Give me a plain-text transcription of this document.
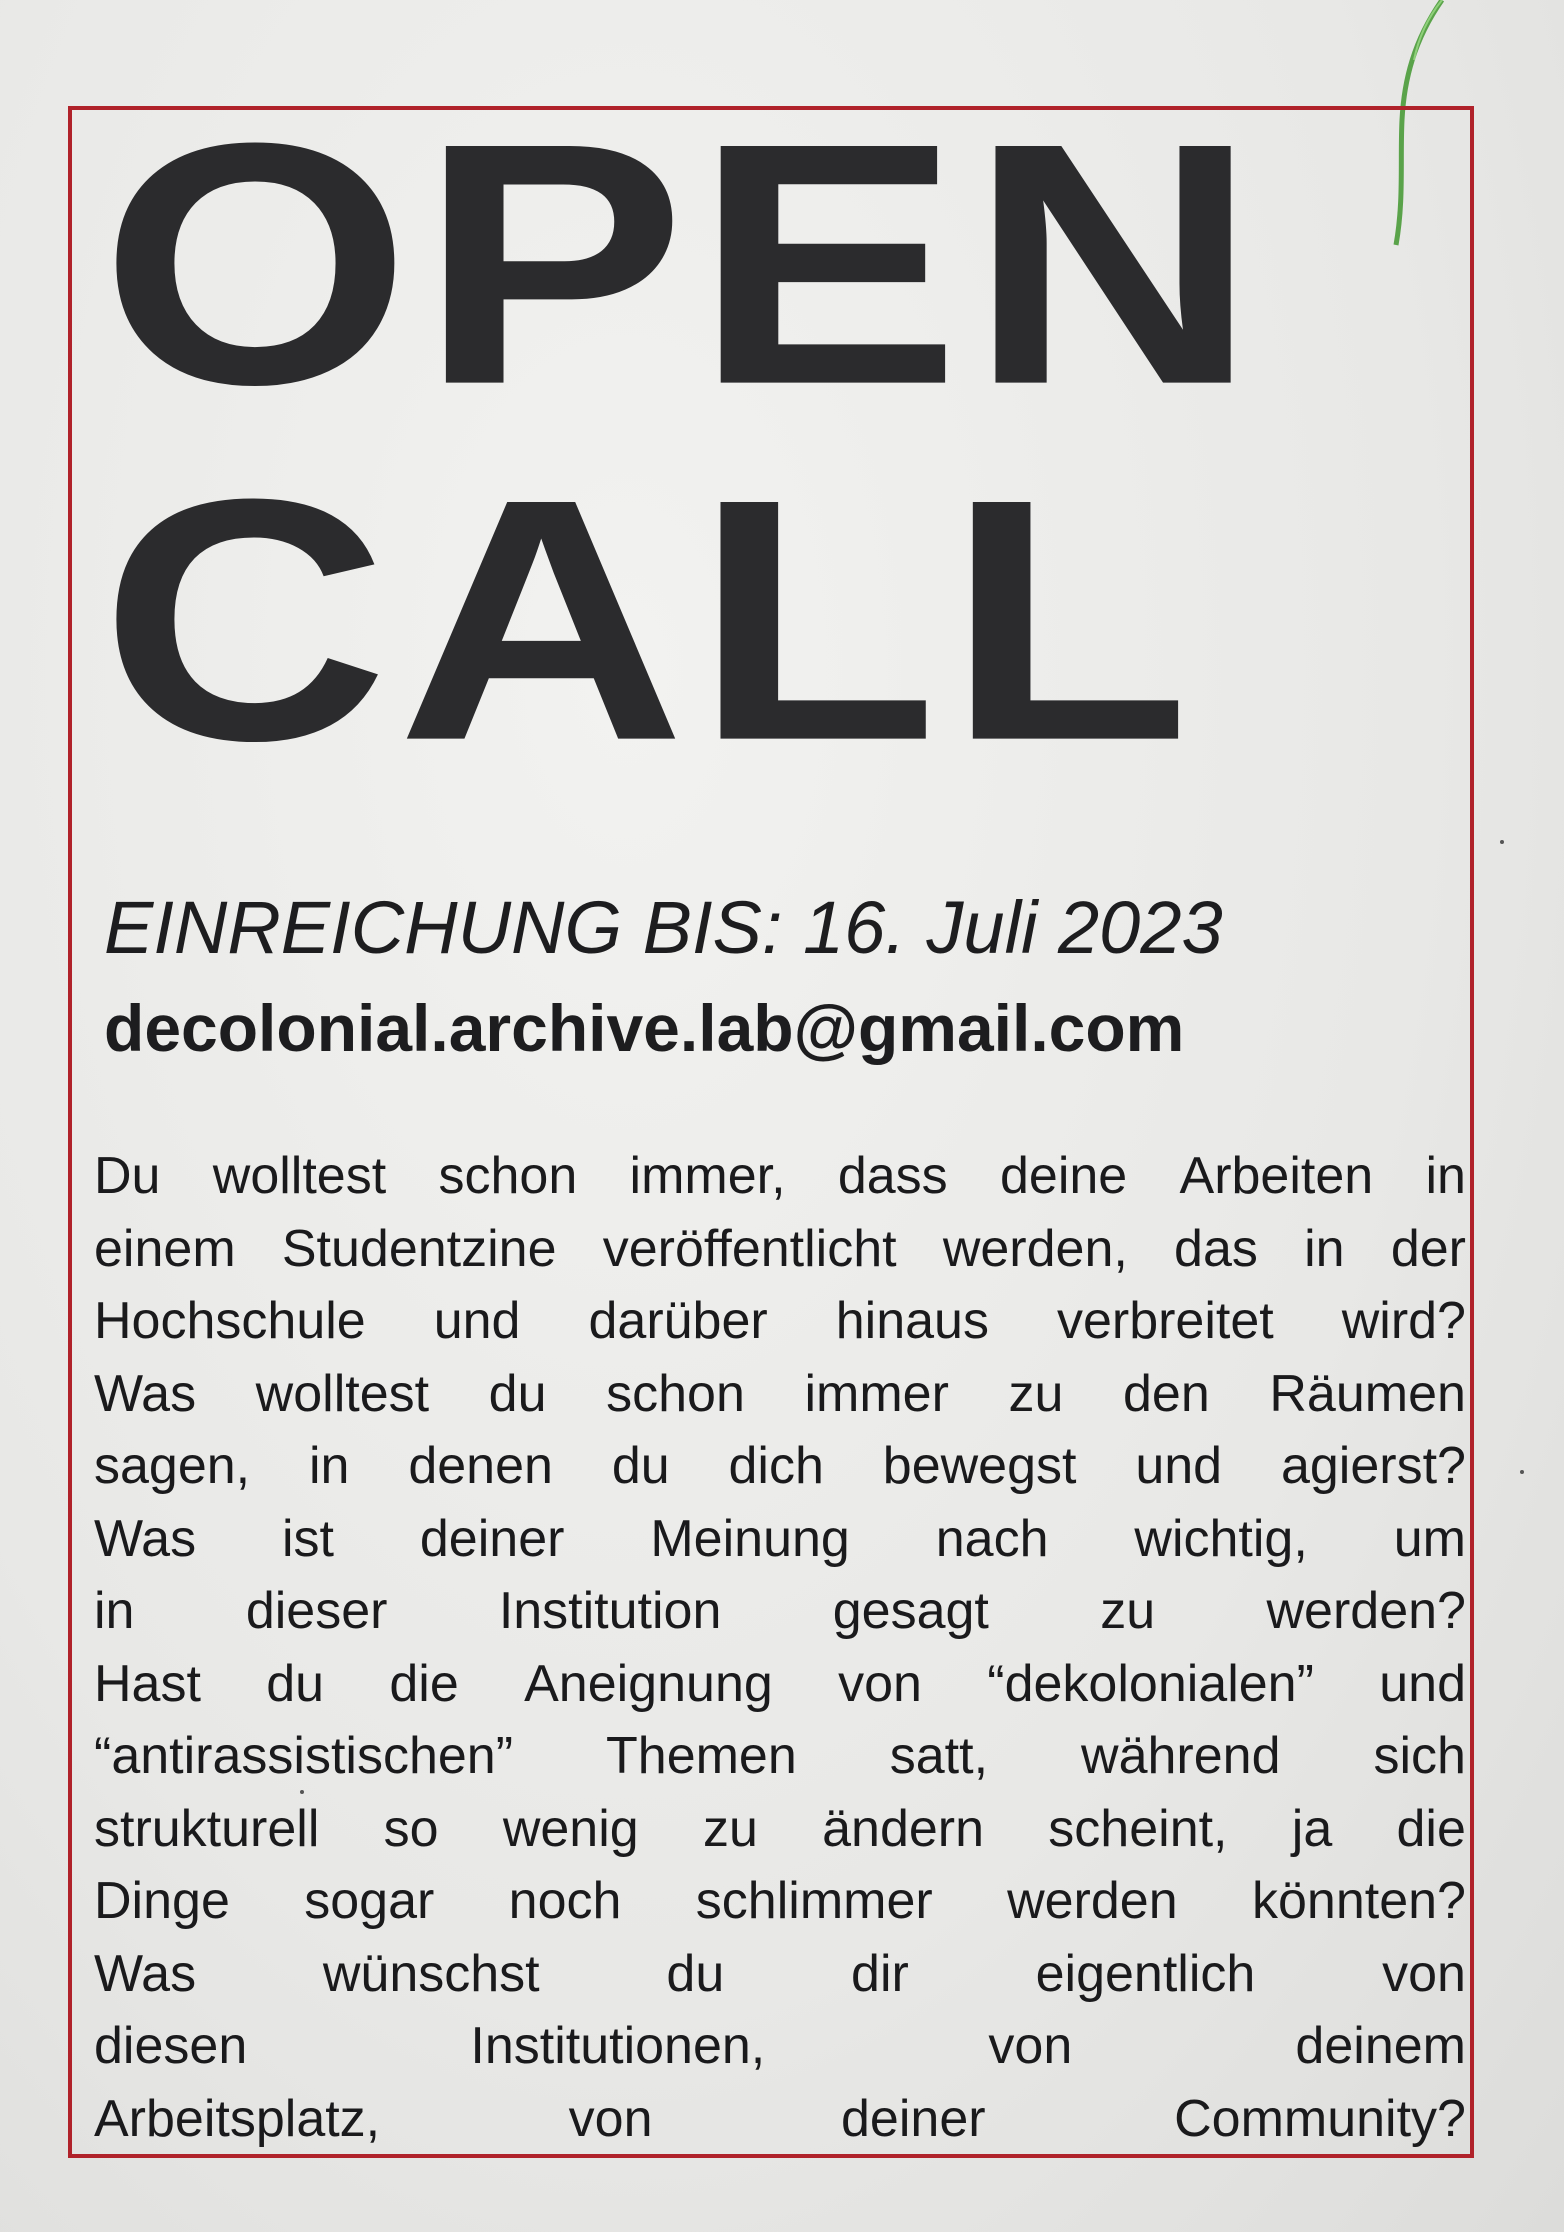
OPEN
CALL
EINREICHUNG BIS: 16. Juli 2023
decolonial.archive.lab@gmail.com
Du wolltest schon immer, dass deine Arbeiten in
einem Studentzine veröffentlicht werden, das in der
Hochschule und darüber hinaus verbreitet wird?
Was wolltest du schon immer zu den Räumen
sagen, in denen du dich bewegst und agierst?
Was ist deiner Meinung nach wichtig, um
in dieser Institution gesagt zu werden?
Hast du die Aneignung von “dekolonialen” und
“antirassistischen” Themen satt, während sich
strukturell so wenig zu ändern scheint, ja die
Dinge sogar noch schlimmer werden könnten?
Was wünschst du dir eigentlich von
diesen	Institutionen,	von	deinem
Arbeitsplatz,	von	deiner	Community?
